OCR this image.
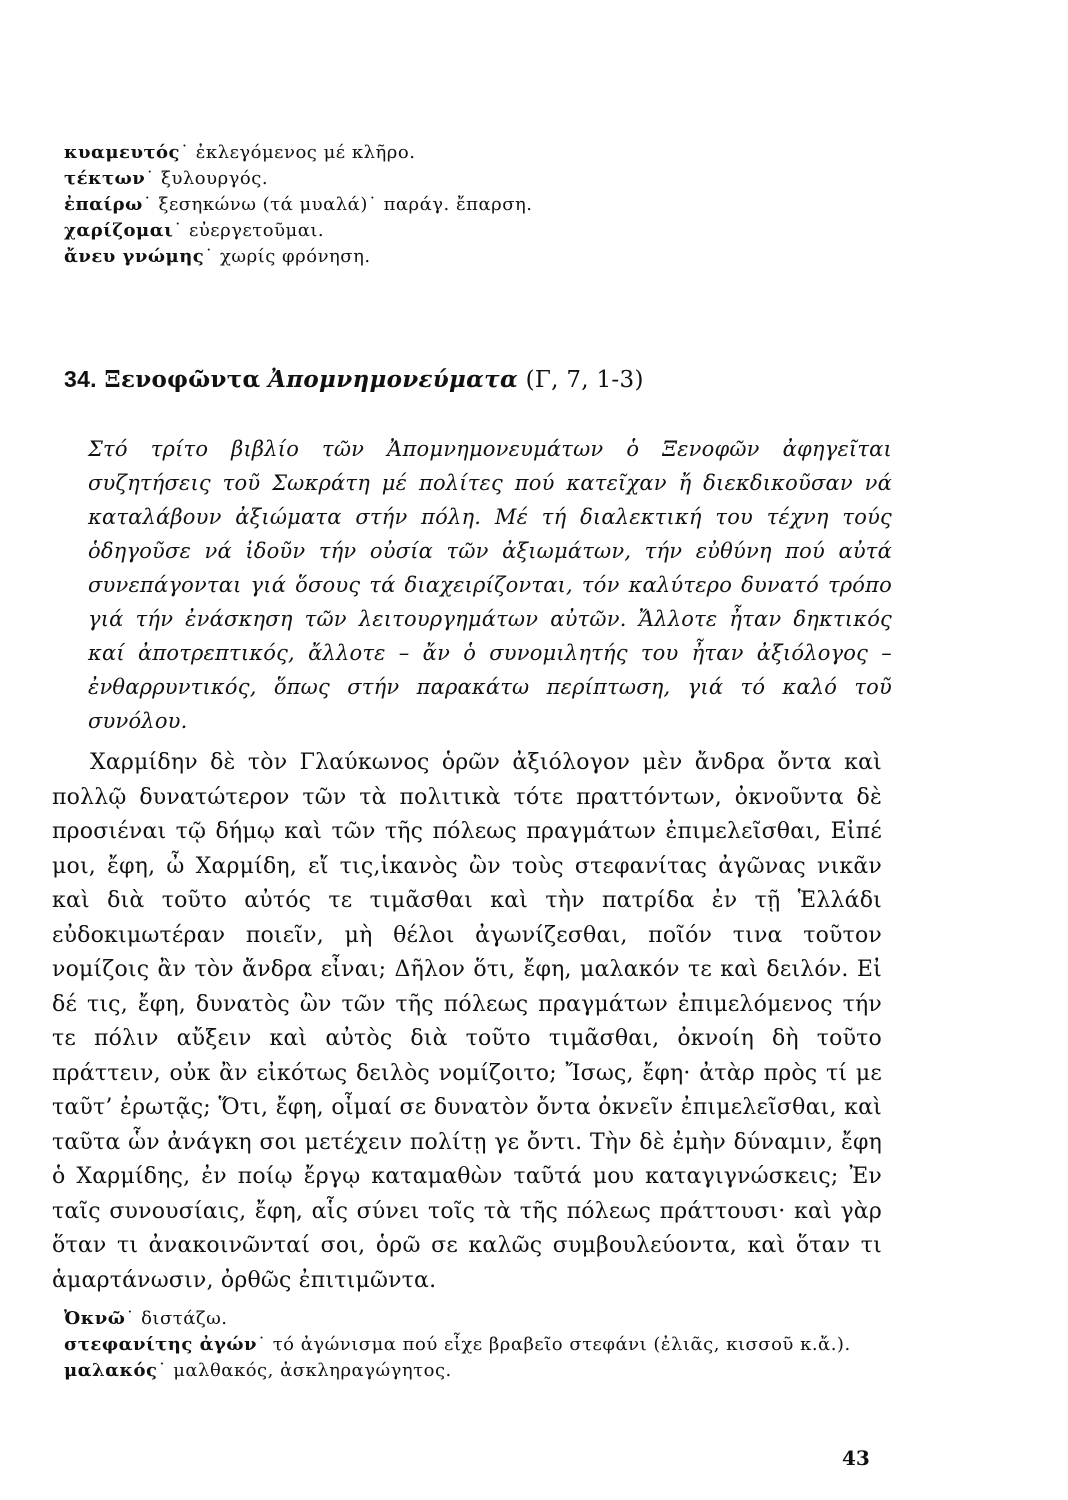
κυαμευτός˙ ἐκλεγόμενος μέ κλῆρο.
τέκτων˙ ξυλουργός.
ἐπαίρω˙ ξεσηκώνω (τά μυαλά)˙ παράγ. ἔπαρση.
χαρίζομαι˙ εὐεργετοῦμαι.
ἄνευ γνώμης˙ χωρίς φρόνηση.
34. Ξενοφῶντα Ἀπομνημονεύματα (Γ, 7, 1-3)
Στό τρίτο βιβλίο τῶν Ἀπομνημονευμάτων ὁ Ξενοφῶν ἀφηγεῖται συζητήσεις τοῦ Σωκράτη μέ πολίτες πού κατεῖχαν ἤ διεκδικοῦσαν νά καταλάβουν ἀξιώματα στήν πόλη. Μέ τή διαλεκτική του τέχνη τούς ὁδηγοῦσε νά ἰδοῦν τήν οὐσία τῶν ἀξιωμάτων, τήν εὐθύνη πού αὐτά συνεπάγονται γιά ὅσους τά διαχειρίζονται, τόν καλύτερο δυνατό τρόπο γιά τήν ἐνάσκηση τῶν λειτουργημάτων αὐτῶν. Ἄλλοτε ἦταν δηκτικός καί ἀποτρεπτικός, ἄλλοτε – ἄν ὁ συνομιλητής του ἦταν ἀξιόλογος – ἐνθαρρυντικός, ὅπως στήν παρακάτω περίπτωση, γιά τό καλό τοῦ συνόλου.
Χαρμίδην δὲ τὸν Γλαύκωνος ὁρῶν ἀξιόλογον μὲν ἄνδρα ὄντα καὶ πολλῷ δυνατώτερον τῶν τὰ πολιτικὰ τότε πραττόντων, ὀκνοῦντα δὲ προσιέναι τῷ δήμῳ καὶ τῶν τῆς πόλεως πραγμάτων ἐπιμελεῖσθαι, Εἰπέ μοι, ἔφη, ὦ Χαρμίδη, εἴ τις,ἱκανὸς ὢν τοὺς στεφανίτας ἀγῶνας νικᾶν καὶ διὰ τοῦτο αὐτός τε τιμᾶσθαι καὶ τὴν πατρίδα ἐν τῇ Ἑλλάδι εὐδοκιμωτέραν ποιεῖν, μὴ θέλοι ἀγωνίζεσθαι, ποῖόν τινα τοῦτον νομίζοις ἂν τὸν ἄνδρα εἶναι; Δῆλον ὅτι, ἔφη, μαλακόν τε καὶ δειλόν. Εἰ δέ τις, ἔφη, δυνατὸς ὢν τῶν τῆς πόλεως πραγμάτων ἐπιμελόμενος τήν τε πόλιν αὔξειν καὶ αὐτὸς διὰ τοῦτο τιμᾶσθαι, ὀκνοίη δὴ τοῦτο πράττειν, οὐκ ἂν εἰκότως δειλὸς νομίζοιτο; Ἴσως, ἔφη· ἀτὰρ πρὸς τί με ταῦτ’ ἐρωτᾷς; Ὅτι, ἔφη, οἶμαί σε δυνατὸν ὄντα ὀκνεῖν ἐπιμελεῖσθαι, καὶ ταῦτα ὧν ἀνάγκη σοι μετέχειν πολίτῃ γε ὄντι. Τὴν δὲ ἐμὴν δύναμιν, ἔφη ὁ Χαρμίδης, ἐν ποίῳ ἔργῳ καταμαθὼν ταῦτά μου καταγιγνώσκεις; Ἐν ταῖς συνουσίαις, ἔφη, αἷς σύνει τοῖς τὰ τῆς πόλεως πράττουσι· καὶ γὰρ ὅταν τι ἀνακοινῶνταί σοι, ὁρῶ σε καλῶς συμβουλεύοντα, καὶ ὅταν τι ἁμαρτάνωσιν, ὀρθῶς ἐπιτιμῶντα.
Ὀκνῶ˙ διστάζω.
στεφανίτης ἀγών˙ τό ἀγώνισμα πού εἶχε βραβεῖο στεφάνι (ἐλιᾶς, κισσοῦ κ.ἄ.).
μαλακός˙ μαλθακός, ἀσκληραγώγητος.
43
